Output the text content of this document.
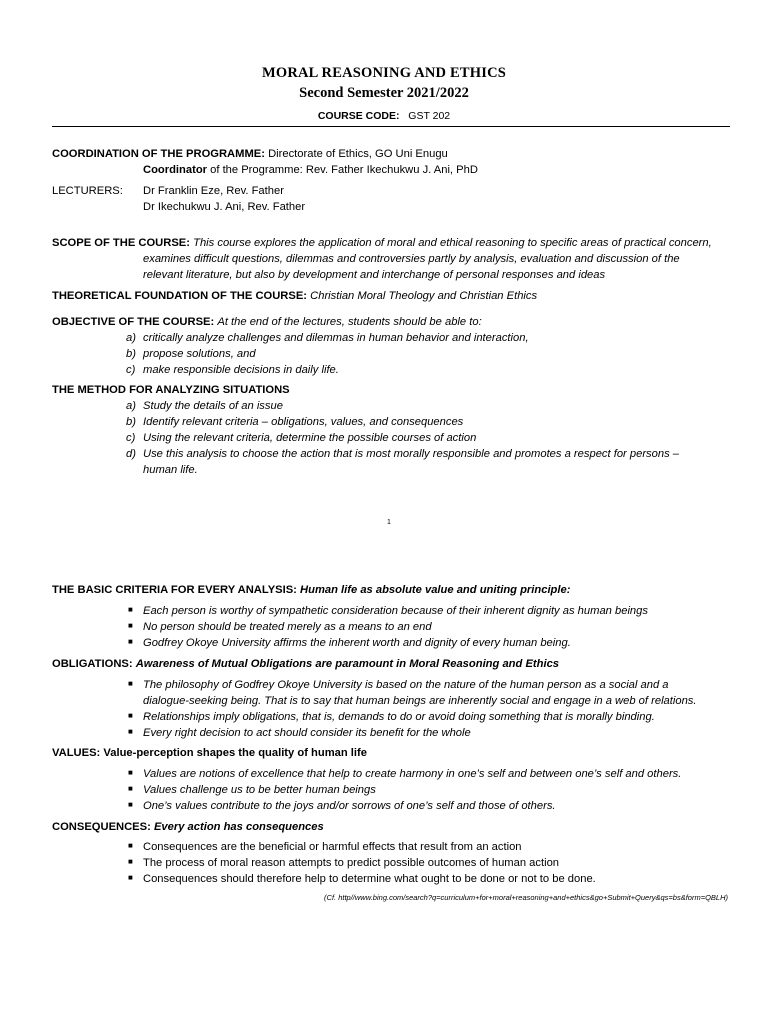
MORAL REASONING AND ETHICS
Second Semester 2021/2022
COURSE CODE: GST 202
COORDINATION OF THE PROGRAMME: Directorate of Ethics, GO Uni Enugu
Coordinator of the Programme: Rev. Father Ikechukwu J. Ani, PhD
LECTURERS: Dr Franklin Eze, Rev. Father
Dr Ikechukwu J. Ani, Rev. Father
SCOPE OF THE COURSE: This course explores the application of moral and ethical reasoning to specific areas of practical concern,
examines difficult questions, dilemmas and controversies partly by analysis, evaluation and discussion of the
relevant literature, but also by development and interchange of personal responses and ideas
THEORETICAL FOUNDATION OF THE COURSE: Christian Moral Theology and Christian Ethics
OBJECTIVE OF THE COURSE: At the end of the lectures, students should be able to:
a) critically analyze challenges and dilemmas in human behavior and interaction,
b) propose solutions, and
c) make responsible decisions in daily life.
THE METHOD FOR ANALYZING SITUATIONS
a) Study the details of an issue
b) Identify relevant criteria – obligations, values, and consequences
c) Using the relevant criteria, determine the possible courses of action
d) Use this analysis to choose the action that is most morally responsible and promotes a respect for persons –
human life.
1
THE BASIC CRITERIA FOR EVERY ANALYSIS: Human life as absolute value and uniting principle:
■ Each person is worthy of sympathetic consideration because of their inherent dignity as human beings
■ No person should be treated merely as a means to an end
■ Godfrey Okoye University affirms the inherent worth and dignity of every human being.
OBLIGATIONS: Awareness of Mutual Obligations are paramount in Moral Reasoning and Ethics
■ The philosophy of Godfrey Okoye University is based on the nature of the human person as a social and a
dialogue-seeking being. That is to say that human beings are inherently social and engage in a web of relations.
■ Relationships imply obligations, that is, demands to do or avoid doing something that is morally binding.
■ Every right decision to act should consider its benefit for the whole
VALUES: Value-perception shapes the quality of human life
■ Values are notions of excellence that help to create harmony in one’s self and between one’s self and others.
■ Values challenge us to be better human beings
■ One’s values contribute to the joys and/or sorrows of one’s self and those of others.
CONSEQUENCES: Every action has consequences
■ Consequences are the beneficial or harmful effects that result from an action
■ The process of moral reason attempts to predict possible outcomes of human action
■ Consequences should therefore help to determine what ought to be done or not to be done.
(Cf. http//www.bing.com/search?q=curriculum+for+moral+reasoning+and+ethics&go+Submit+Query&qs=bs&form=QBLH)
